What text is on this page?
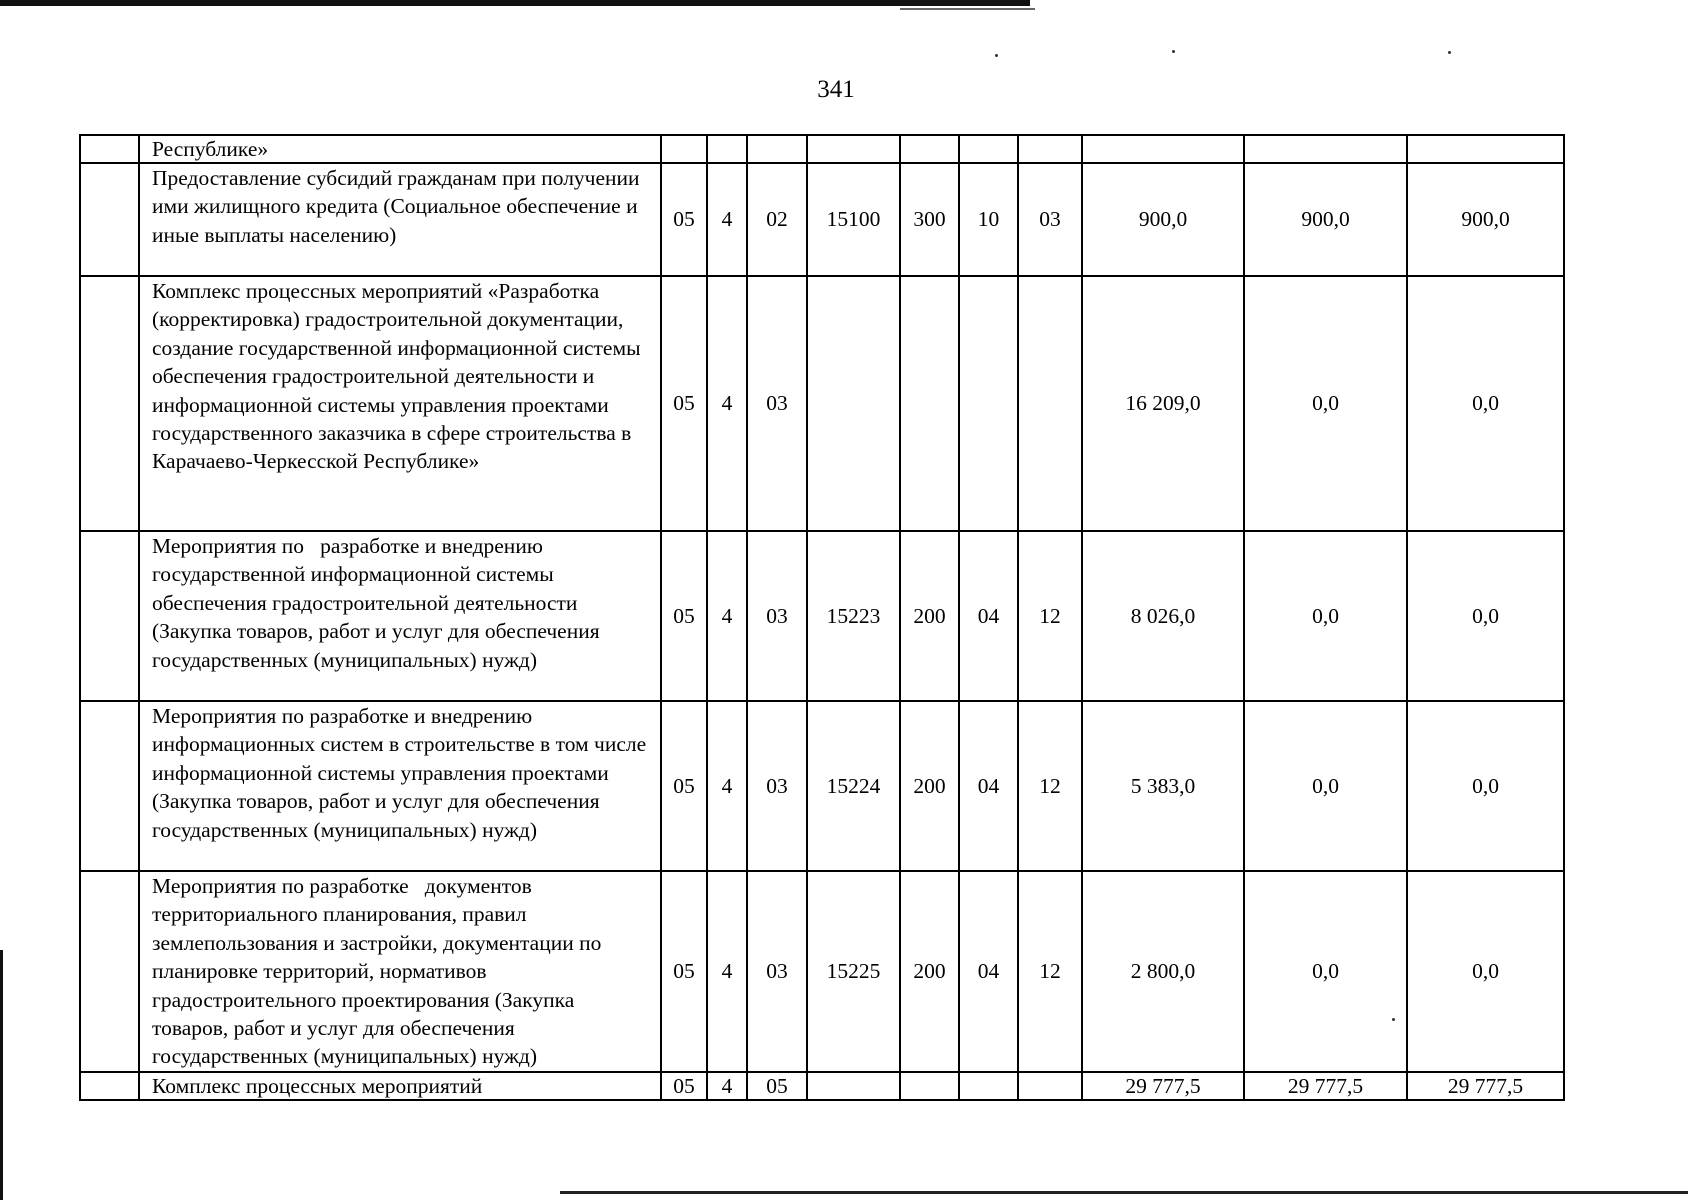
341
	Республике»										
	Предоставление субсидий гражданам при получении ими жилищного кредита (Социальное обеспечение и иные выплаты населению)	05	4	02	15100	300	10	03	900,0	900,0	900,0
	Комплекс процессных мероприятий «Разработка (корректировка) градостроительной документации, создание государственной информационной системы обеспечения градостроительной деятельности и информационной системы управления проектами государственного заказчика в сфере строительства в Карачаево-Черкесской Республике»	05	4	03					16 209,0	0,0	0,0
	Мероприятия по   разработке и внедрению государственной информационной системы обеспечения градостроительной деятельности (Закупка товаров, работ и услуг для обеспечения государственных (муниципальных) нужд)	05	4	03	15223	200	04	12	8 026,0	0,0	0,0
	Мероприятия по разработке и внедрению информационных систем в строительстве в том числе информационной системы управления проектами (Закупка товаров, работ и услуг для обеспечения государственных (муниципальных) нужд)	05	4	03	15224	200	04	12	5 383,0	0,0	0,0
	Мероприятия по разработке   документов территориального планирования, правил землепользования и застройки, документации по планировке территорий, нормативов градостроительного проектирования (Закупка товаров, работ и услуг для обеспечения государственных (муниципальных) нужд)	05	4	03	15225	200	04	12	2 800,0	0,0	0,0
	Комплекс процессных мероприятий	05	4	05					29 777,5	29 777,5	29 777,5
